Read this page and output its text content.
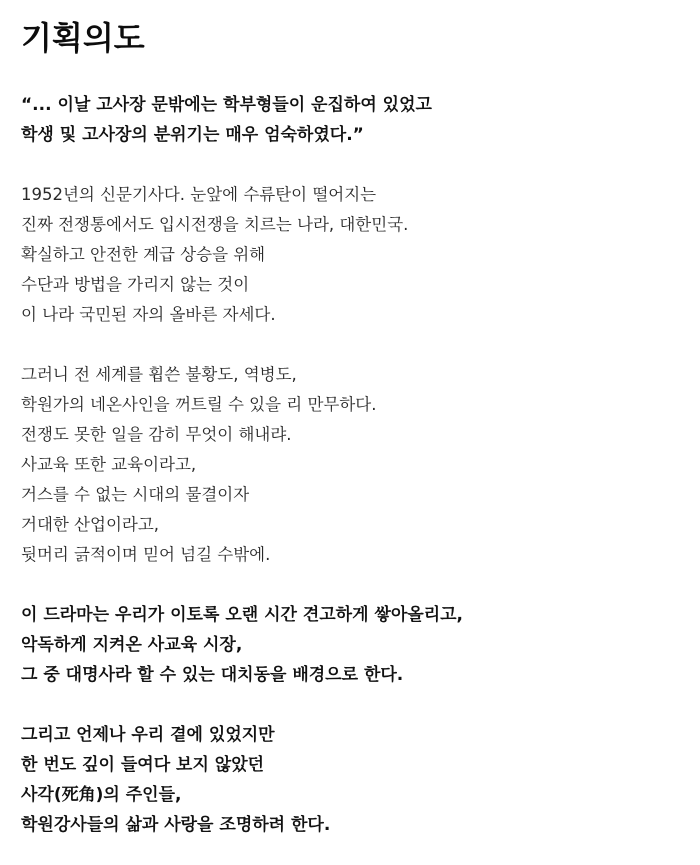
기획의도
“... 이날 고사장 문밖에는 학부형들이 운집하여 있었고
학생 및 고사장의 분위기는 매우 엄숙하였다.”
1952년의 신문기사다. 눈앞에 수류탄이 떨어지는
진짜 전쟁통에서도 입시전쟁을 치르는 나라, 대한민국.
확실하고 안전한 계급 상승을 위해
수단과 방법을 가리지 않는 것이
이 나라 국민된 자의 올바른 자세다.
그러니 전 세계를 휩쓴 불황도, 역병도,
학원가의 네온사인을 꺼트릴 수 있을 리 만무하다.
전쟁도 못한 일을 감히 무엇이 해내랴.
사교육 또한 교육이라고,
거스를 수 없는 시대의 물결이자
거대한 산업이라고,
뒷머리 긁적이며 믿어 넘길 수밖에.
이 드라마는 우리가 이토록 오랜 시간 견고하게 쌓아올리고,
악독하게 지켜온 사교육 시장,
그 중 대명사라 할 수 있는 대치동을 배경으로 한다.
그리고 언제나 우리 곁에 있었지만
한 번도 깊이 들여다 보지 않았던
사각(死角)의 주인들,
학원강사들의 삶과 사랑을 조명하려 한다.
